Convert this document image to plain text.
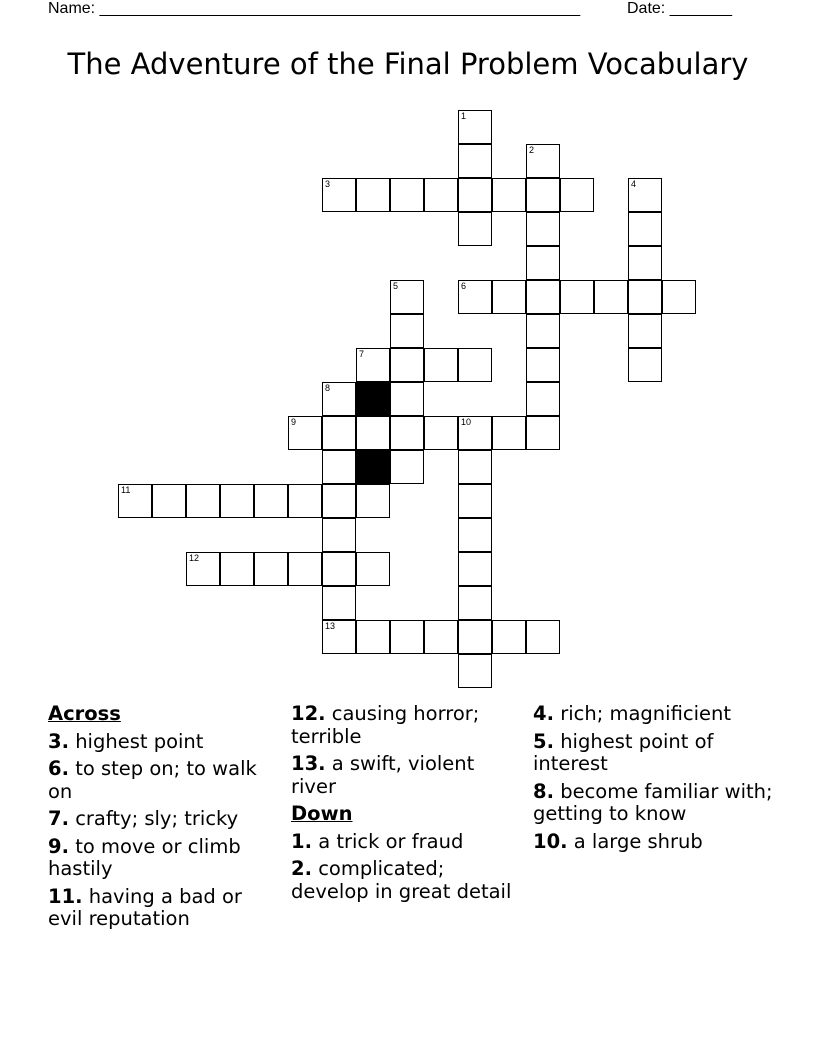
Name: ______________________________________________________	Date: _______
The Adventure of the Final Problem Vocabulary
1
2
3	4
5	6
7
8
13
9	10
11
12
Across
3. highest point
6. to step on; to walk on
7. crafty; sly; tricky
9. to move or climb hastily
11. having a bad or evil reputation
12. causing horror; terrible
13. a swift, violent river
Down
1. a trick or fraud
2. complicated; develop in great detail
4. rich; magnificient
5. highest point of interest
8. become familiar with; getting to know
10. a large shrub
